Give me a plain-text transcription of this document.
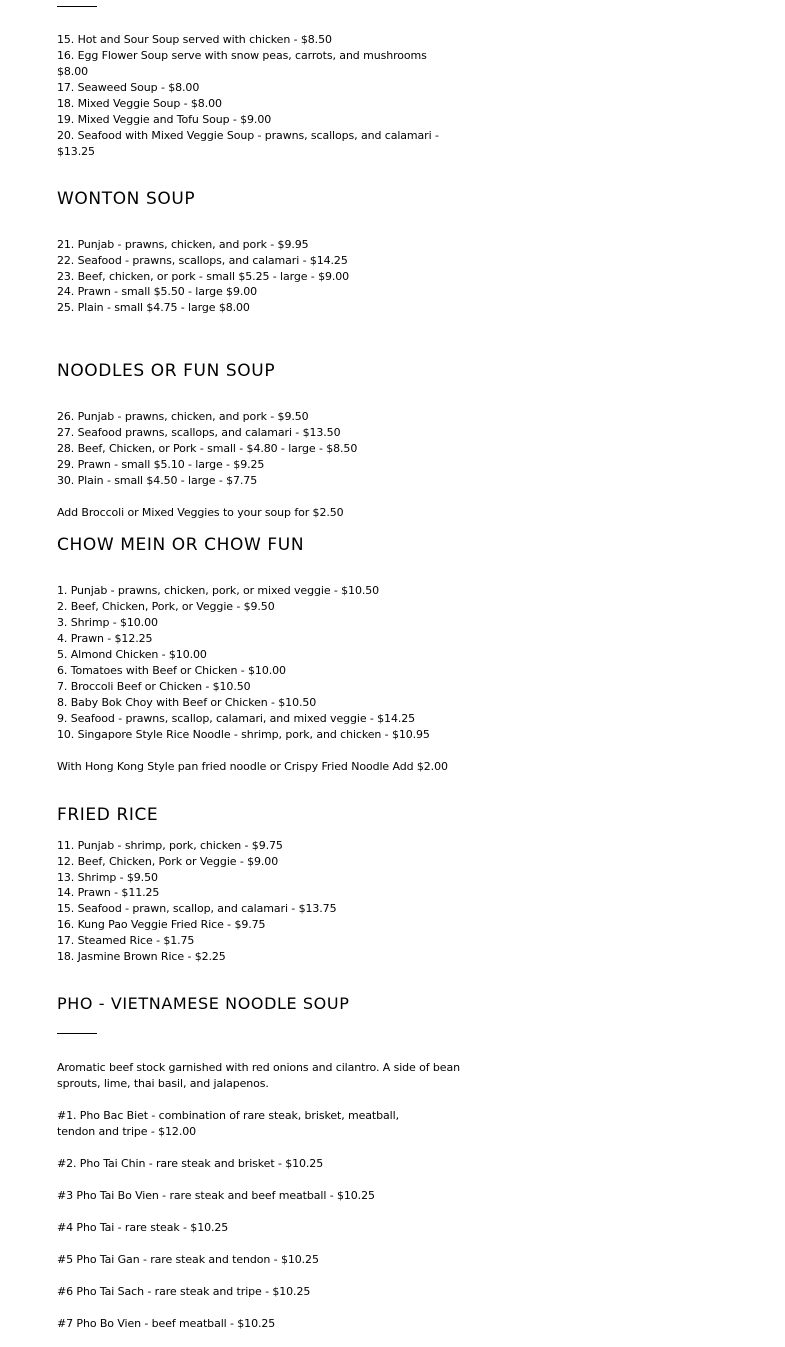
15. Hot and Sour Soup served with chicken - $8.50

16. Egg Flower Soup serve with snow peas, carrots, and mushrooms $8.00

17. Seaweed Soup - $8.00

18. Mixed Veggie Soup - $8.00

19. Mixed Veggie and Tofu Soup - $9.00

20. Seafood with Mixed Veggie Soup - prawns, scallops, and calamari - $13.25

WONTON SOUP

21. Punjab - prawns, chicken, and pork - $9.95

22. Seafood - prawns, scallops, and calamari - $14.25

23. Beef, chicken, or pork - small $5.25 - large - $9.00

24. Prawn - small $5.50 - large $9.00

25. Plain - small $4.75 - large $8.00

NOODLES OR FUN SOUP

26. Punjab - prawns, chicken, and pork - $9.50

27. Seafood prawns, scallops, and calamari - $13.50

28. Beef, Chicken, or Pork - small - $4.80 - large - $8.50

29. Prawn - small $5.10 - large - $9.25

30. Plain - small $4.50 - large - $7.75

Add Broccoli or Mixed Veggies to your soup for $2.50

CHOW MEIN OR CHOW FUN

1. Punjab - prawns, chicken, pork, or mixed veggie - $10.50

2. Beef, Chicken, Pork, or Veggie - $9.50

3. Shrimp - $10.00

4. Prawn - $12.25

5. Almond Chicken - $10.00

6. Tomatoes with Beef or Chicken - $10.00

7. Broccoli Beef or Chicken - $10.50

8. Baby Bok Choy with Beef or Chicken - $10.50

9. Seafood - prawns, scallop, calamari, and mixed veggie - $14.25

10. Singapore Style Rice Noodle - shrimp, pork, and chicken - $10.95

With Hong Kong Style pan fried noodle or Crispy Fried Noodle Add $2.00

FRIED RICE

11. Punjab - shrimp, pork, chicken - $9.75

12. Beef, Chicken, Pork or Veggie - $9.00

13. Shrimp - $9.50

14. Prawn - $11.25

15. Seafood - prawn, scallop, and calamari - $13.75

16. Kung Pao Veggie Fried Rice - $9.75

17. Steamed Rice - $1.75

18. Jasmine Brown Rice - $2.25

PHO - VIETNAMESE NOODLE SOUP

Aromatic beef stock garnished with red onions and cilantro. A side of bean sprouts, lime, thai basil, and jalapenos.

#1. Pho Bac Biet - combination of rare steak, brisket, meatball, tendon and tripe - $12.00

#2. Pho Tai Chin - rare steak and brisket - $10.25

#3 Pho Tai Bo Vien - rare steak and beef meatball - $10.25

#4 Pho Tai - rare steak - $10.25

#5 Pho Tai Gan - rare steak and tendon - $10.25

#6 Pho Tai Sach - rare steak and tripe - $10.25

#7 Pho Bo Vien - beef meatball - $10.25
